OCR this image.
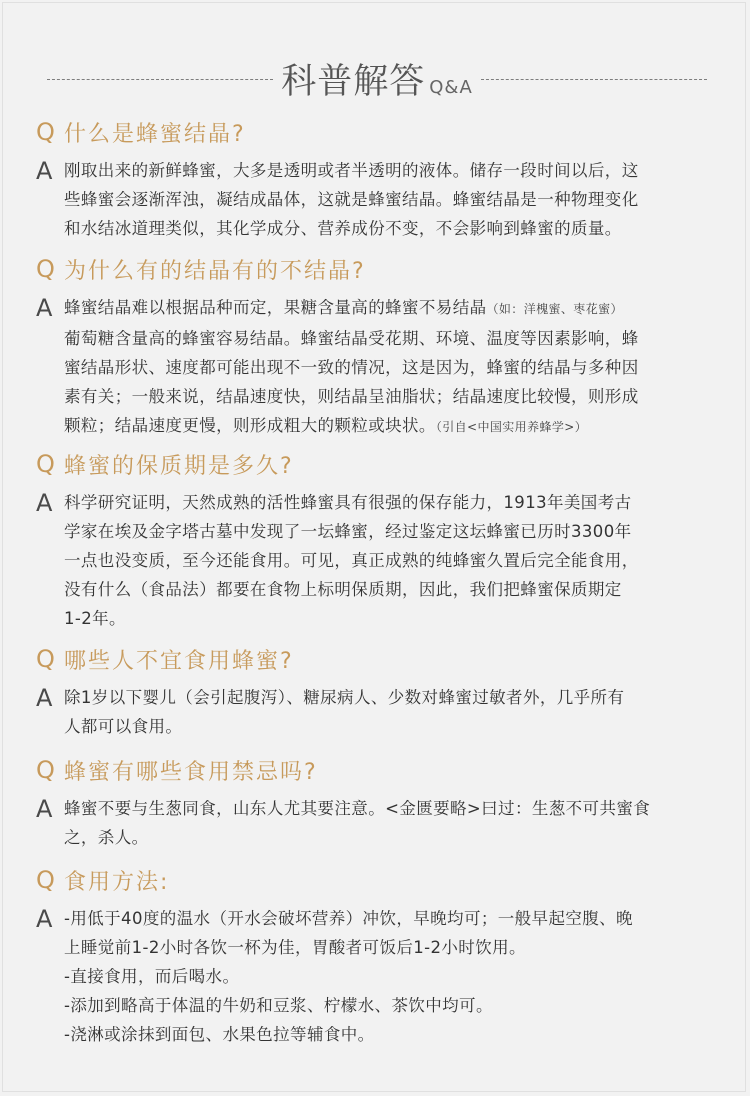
科普解答 Q&A
Q 什么是蜂蜜结晶?
A 刚取出来的新鲜蜂蜜，大多是透明或者半透明的液体。储存一段时间以后，这
些蜂蜜会逐渐浑浊，凝结成晶体，这就是蜂蜜结晶。蜂蜜结晶是一种物理变化
和水结冰道理类似，其化学成分、营养成份不变，不会影响到蜂蜜的质量。
Q 为什么有的结晶有的不结晶?
A 蜂蜜结晶难以根据品种而定，果糖含量高的蜂蜜不易结晶（如：洋槐蜜、枣花蜜）
葡萄糖含量高的蜂蜜容易结晶。蜂蜜结晶受花期、环境、温度等因素影响，蜂
蜜结晶形状、速度都可能出现不一致的情况，这是因为，蜂蜜的结晶与多种因
素有关；一般来说，结晶速度快，则结晶呈油脂状；结晶速度比较慢，则形成
颗粒；结晶速度更慢，则形成粗大的颗粒或块状。（引自<中国实用养蜂学>）
Q 蜂蜜的保质期是多久?
A 科学研究证明，天然成熟的活性蜂蜜具有很强的保存能力，1913年美国考古
学家在埃及金字塔古墓中发现了一坛蜂蜜，经过鉴定这坛蜂蜜已历时3300年
一点也没变质，至今还能食用。可见，真正成熟的纯蜂蜜久置后完全能食用，
没有什么（食品法）都要在食物上标明保质期，因此，我们把蜂蜜保质期定
1-2年。
Q 哪些人不宜食用蜂蜜?
A 除1岁以下婴儿（会引起腹泻）、糖尿病人、少数对蜂蜜过敏者外，几乎所有
人都可以食用。
Q 蜂蜜有哪些食用禁忌吗?
A 蜂蜜不要与生葱同食，山东人尤其要注意。<金匮要略>曰过：生葱不可共蜜食
之，杀人。
Q 食用方法:
A -用低于40度的温水（开水会破坏营养）冲饮，早晚均可；一般早起空腹、晚
上睡觉前1-2小时各饮一杯为佳，胃酸者可饭后1-2小时饮用。
-直接食用，而后喝水。
-添加到略高于体温的牛奶和豆浆、柠檬水、茶饮中均可。
-浇淋或涂抹到面包、水果色拉等辅食中。
